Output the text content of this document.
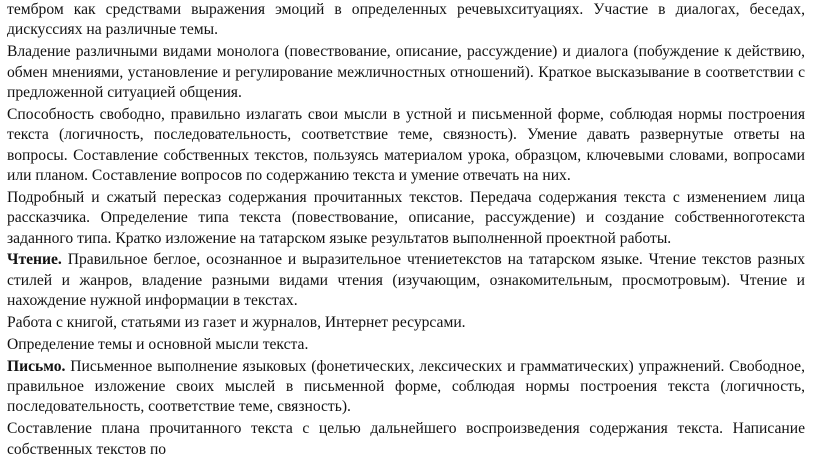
тембром как средствами выражения эмоций в определенных речевыхситуациях. Участие в диалогах, беседах, дискуссиях на различные темы.

Владение различными видами монолога (повествование, описание, рассуждение) и диалога (побуждение к действию, обмен мнениями, установление и регулирование межличностных отношений). Краткое высказывание в соответствии с предложенной ситуацией общения.

Способность свободно, правильно излагать свои мысли в устной и письменной форме, соблюдая нормы построения текста (логичность, последовательность, соответствие теме, связность). Умение давать развернутые ответы на вопросы. Составление собственных текстов, пользуясь материалом урока, образцом, ключевыми словами, вопросами или планом. Составление вопросов по содержанию текста и умение отвечать на них.

Подробный и сжатый пересказ содержания прочитанных текстов. Передача содержания текста с изменением лица рассказчика. Определение типа текста (повествование, описание, рассуждение) и создание собственноготекста заданного типа. Кратко изложение на татарском языке результатов выполненной проектной работы.

Чтение. Правильное беглое, осознанное и выразительное чтениетекстов на татарском языке. Чтение текстов разных стилей и жанров, владение разными видами чтения (изучающим, ознакомительным, просмотровым). Чтение и нахождение нужной информации в текстах.

Работа с книгой, статьями из газет и журналов, Интернет ресурсами.

Определение темы и основной мысли текста.

Письмо. Письменное выполнение языковых (фонетических, лексических и грамматических) упражнений. Свободное, правильное изложение своих мыслей в письменной форме, соблюдая нормы построения текста (логичность, последовательность, соответствие теме, связность).

Составление плана прочитанного текста с целью дальнейшего воспроизведения содержания текста. Написание собственных текстов по
